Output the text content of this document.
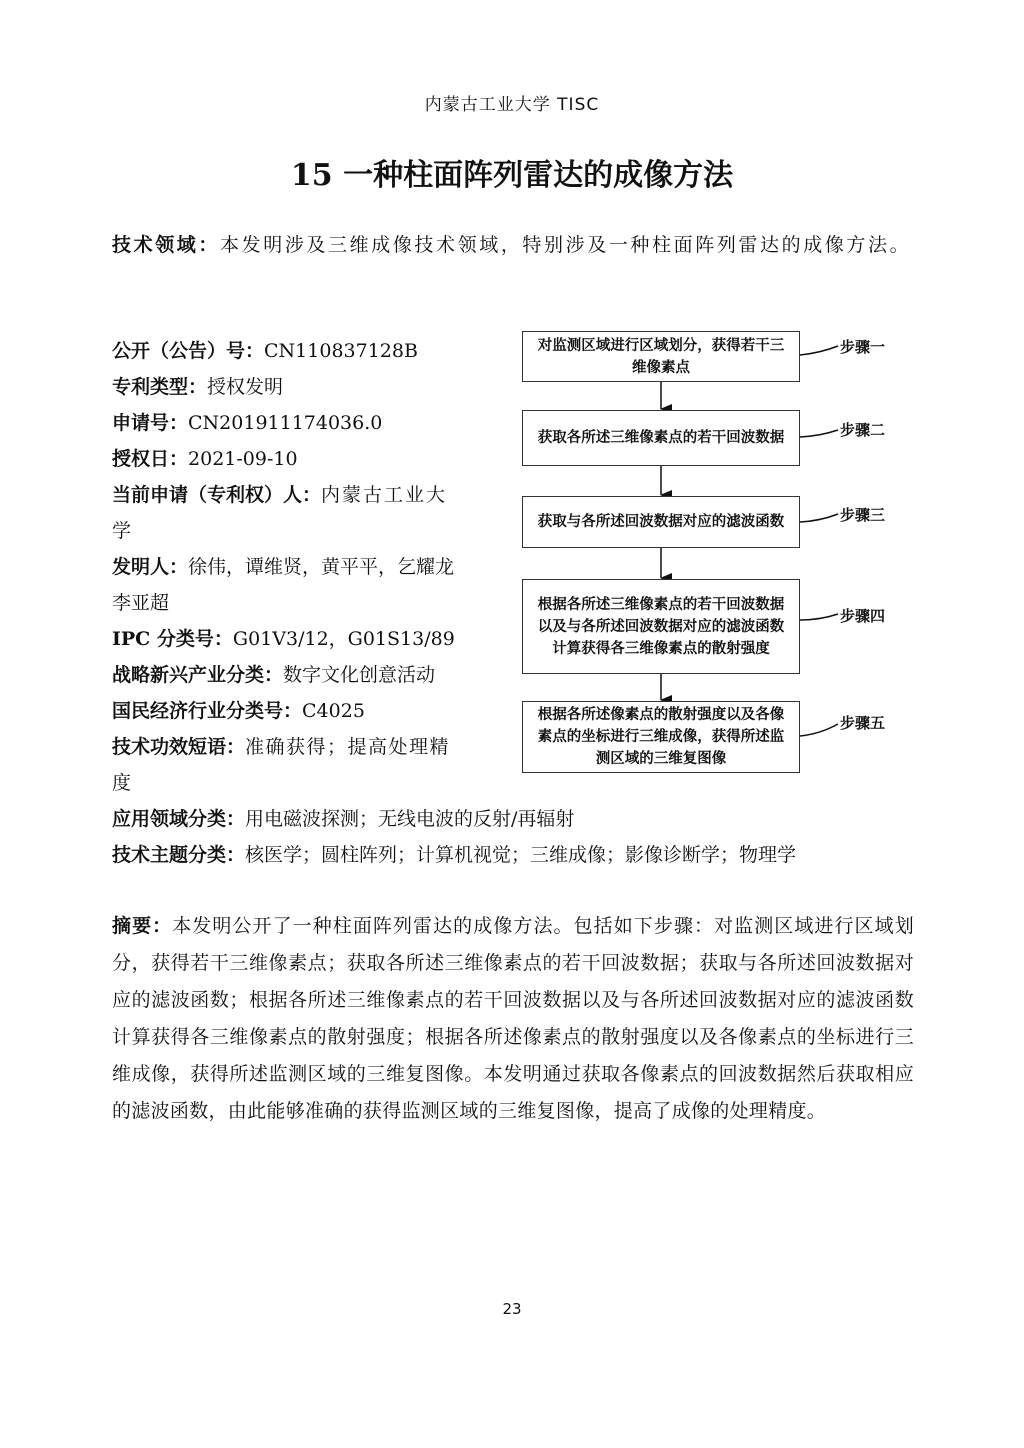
内蒙古工业大学 TISC
15 一种柱面阵列雷达的成像方法
技术领域：本发明涉及三维成像技术领域，特别涉及一种柱面阵列雷达的成像方法。
公开（公告）号：CN110837128B
专利类型：授权发明
申请号：CN201911174036.0
授权日：2021-09-10
当前申请（专利权）人：内蒙古工业大
学
发明人：徐伟，谭维贤，黄平平，乞耀龙
李亚超
IPC 分类号：G01V3/12，G01S13/89
战略新兴产业分类：数字文化创意活动
国民经济行业分类号：C4025
技术功效短语：准确获得；提高处理精
度
应用领域分类：用电磁波探测；无线电波的反射/再辐射
技术主题分类：核医学；圆柱阵列；计算机视觉；三维成像；影像诊断学；物理学
对监测区域进行区域划分，获得若干三维像素点
步骤一
获取各所述三维像素点的若干回波数据	步骤二
获取与各所述回波数据对应的滤波函数	步骤三
根据各所述三维像素点的若干回波数据以及与各所述回波数据对应的滤波函数计算获得各三维像素点的散射强度
步骤四
根据各所述像素点的散射强度以及各像素点的坐标进行三维成像，获得所述监测区域的三维复图像
步骤五
摘要：本发明公开了一种柱面阵列雷达的成像方法。包括如下步骤：对监测区域进行区域划分，获得若干三维像素点；获取各所述三维像素点的若干回波数据；获取与各所述回波数据对应的滤波函数；根据各所述三维像素点的若干回波数据以及与各所述回波数据对应的滤波函数计算获得各三维像素点的散射强度；根据各所述像素点的散射强度以及各像素点的坐标进行三维成像，获得所述监测区域的三维复图像。本发明通过获取各像素点的回波数据然后获取相应的滤波函数，由此能够准确的获得监测区域的三维复图像，提高了成像的处理精度。
23
